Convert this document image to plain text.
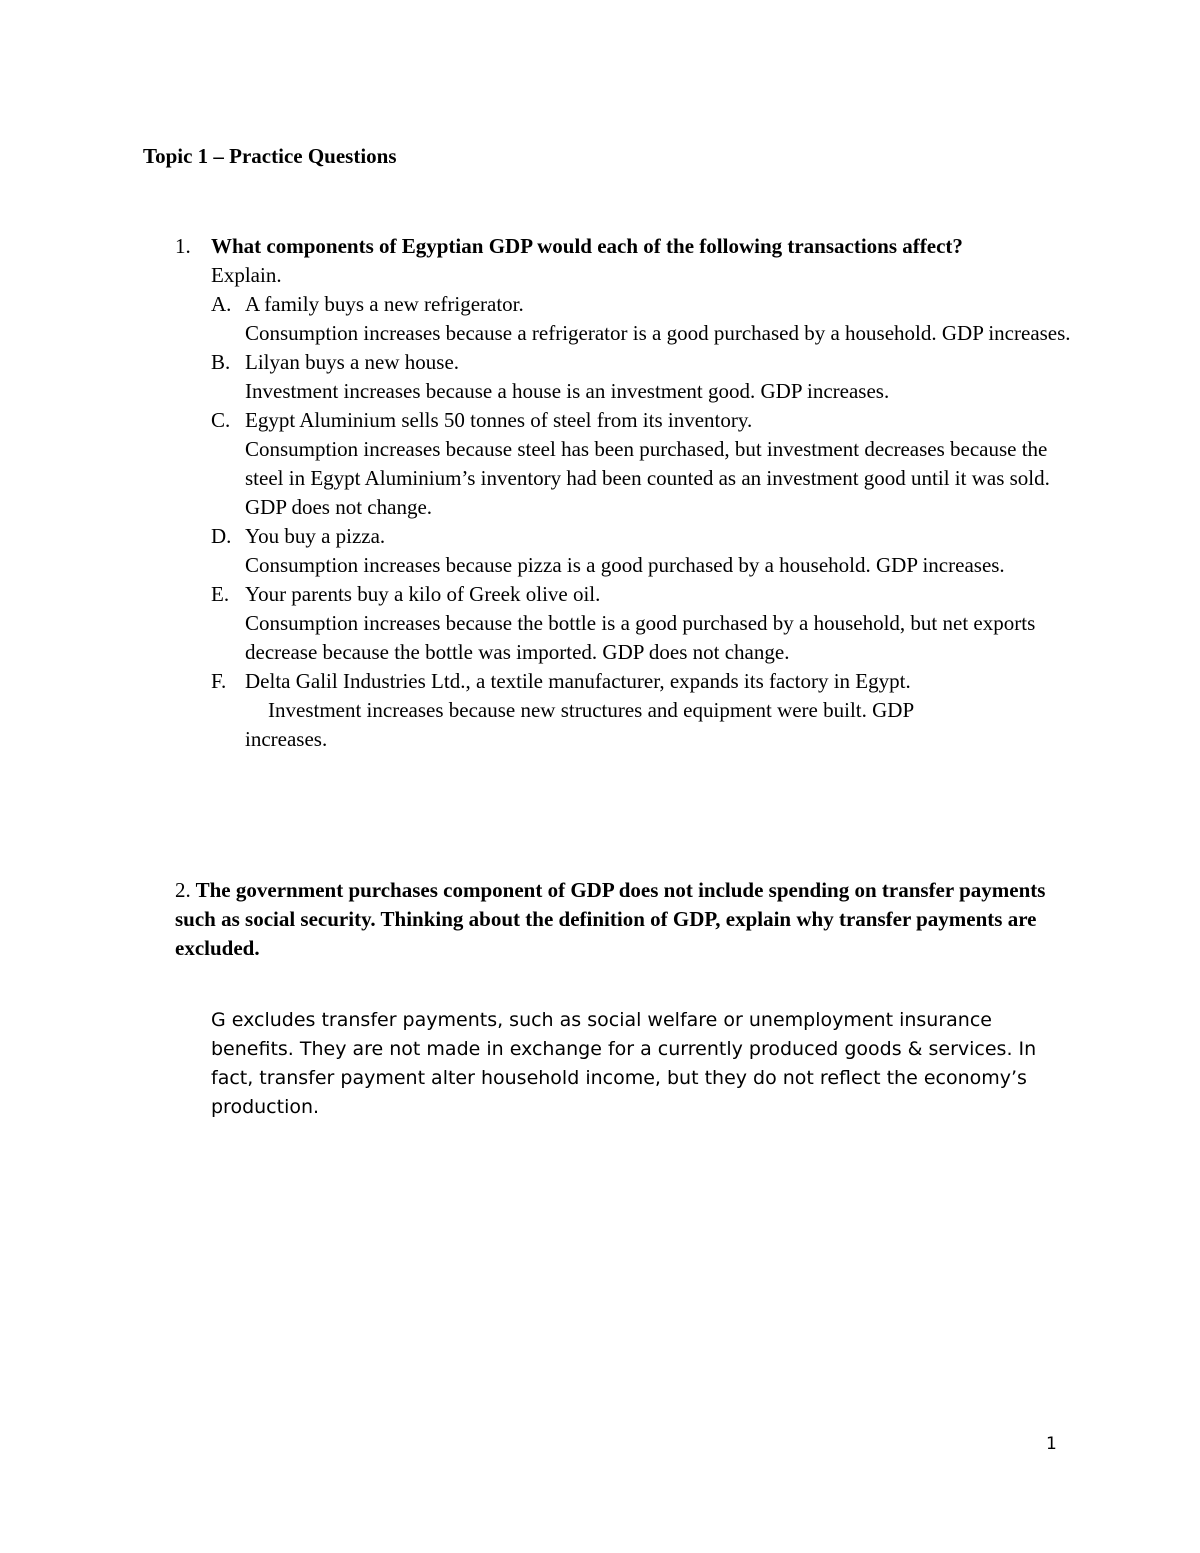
Topic 1 – Practice Questions
1. What components of Egyptian GDP would each of the following transactions affect?
Explain.
A. A family buys a new refrigerator.
Consumption increases because a refrigerator is a good purchased by a household. GDP increases.
B. Lilyan buys a new house.
Investment increases because a house is an investment good. GDP increases.
C. Egypt Aluminium sells 50 tonnes of steel from its inventory.
Consumption increases because steel has been purchased, but investment decreases because the steel in Egypt Aluminium’s inventory had been counted as an investment good until it was sold. GDP does not change.
D. You buy a pizza.
Consumption increases because pizza is a good purchased by a household. GDP increases.
E. Your parents buy a kilo of Greek olive oil.
Consumption increases because the bottle is a good purchased by a household, but net exports decrease because the bottle was imported. GDP does not change.
F. Delta Galil Industries Ltd., a textile manufacturer, expands its factory in Egypt.
Investment increases because new structures and equipment were built. GDP
increases.
2. The government purchases component of GDP does not include spending on transfer payments such as social security. Thinking about the definition of GDP, explain why transfer payments are excluded.
G excludes transfer payments, such as social welfare or unemployment insurance benefits. They are not made in exchange for a currently produced goods & services. In fact, transfer payment alter household income, but they do not reflect the economy’s production.
1
